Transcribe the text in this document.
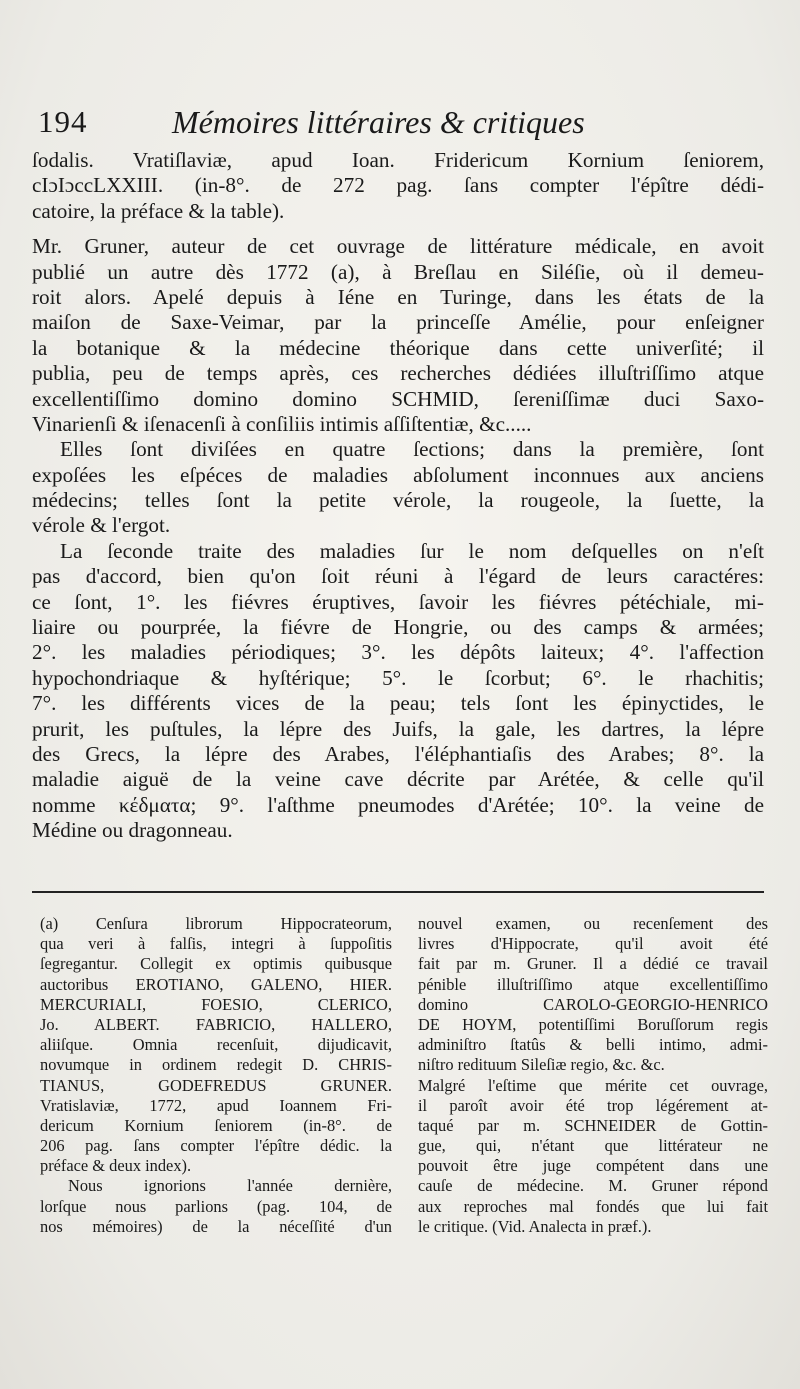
194	Mémoires littéraires & critiques
ſodalis. Vratiſlaviæ, apud Ioan. Fridericum Kornium ſeniorem,
cIɔIɔccLXXIII. (in-8°. de 272 pag. ſans compter l'épître dédi-
catoire, la préface & la table).
Mr. Gruner, auteur de cet ouvrage de littérature médicale, en avoit
publié un autre dès 1772 (a), à Breſlau en Siléſie, où il demeu-
roit alors. Apelé depuis à Iéne en Turinge, dans les états de la
maiſon de Saxe-Veimar, par la princeſſe Amélie, pour enſeigner
la botanique & la médecine théorique dans cette univerſité; il
publia, peu de temps après, ces recherches dédiées illuſtriſſimo atque
excellentiſſimo domino domino SCHMID, ſereniſſimæ duci Saxo-
Vinarienſi & iſenacenſi à conſiliis intimis aſſiſtentiæ, &c.....
Elles ſont diviſées en quatre ſections; dans la première, ſont
expoſées les eſpéces de maladies abſolument inconnues aux anciens
médecins; telles ſont la petite vérole, la rougeole, la ſuette, la
vérole & l'ergot.
La ſeconde traite des maladies ſur le nom deſquelles on n'eſt
pas d'accord, bien qu'on ſoit réuni à l'égard de leurs caractéres:
ce ſont, 1°. les fiévres éruptives, ſavoir les fiévres pétéchiale, mi-
liaire ou pourprée, la fiévre de Hongrie, ou des camps & armées;
2°. les maladies périodiques; 3°. les dépôts laiteux; 4°. l'affection
hypochondriaque & hyſtérique; 5°. le ſcorbut; 6°. le rhachitis;
7°. les différents vices de la peau; tels ſont les épinyctides, le
prurit, les puſtules, la lépre des Juifs, la gale, les dartres, la lépre
des Grecs, la lépre des Arabes, l'éléphantiaſis des Arabes; 8°. la
maladie aiguë de la veine cave décrite par Arétée, & celle qu'il
nomme κέδματα; 9°. l'aſthme pneumodes d'Arétée; 10°. la veine de
Médine ou dragonneau.
(a) Cenſura librorum Hippocrateorum,
qua veri à falſis, integri à ſuppoſitis
ſegregantur. Collegit ex optimis quibusque
auctoribus EROTIANO, GALENO, HIER.
MERCURIALI, FOESIO, CLERICO,
Jo. ALBERT. FABRICIO, HALLERO,
aliiſque. Omnia recenſuit, dijudicavit,
novumque in ordinem redegit D. CHRIS-
TIANUS, GODEFREDUS GRUNER.
Vratislaviæ, 1772, apud Ioannem Fri-
dericum Kornium ſeniorem (in-8°. de
206 pag. ſans compter l'épître dédic. la
préface & deux index).
Nous ignorions l'année dernière,
lorſque nous parlions (pag. 104, de
nos mémoires) de la néceſſité d'un
nouvel examen, ou recenſement des
livres d'Hippocrate, qu'il avoit été
fait par m. Gruner. Il a dédié ce travail
pénible illuſtriſſimo atque excellentiſſimo
domino CAROLO-GEORGIO-HENRICO
DE HOYM, potentiſſimi Boruſſorum regis
adminiſtro ſtatûs & belli intimo, admi-
niſtro redituum Sileſiæ regio, &c. &c.
Malgré l'eſtime que mérite cet ouvrage,
il paroît avoir été trop légérement at-
taqué par m. SCHNEIDER de Gottin-
gue, qui, n'étant que littérateur ne
pouvoit être juge compétent dans une
cauſe de médecine. M. Gruner répond
aux reproches mal fondés que lui fait
le critique. (Vid. Analecta in præf.).
